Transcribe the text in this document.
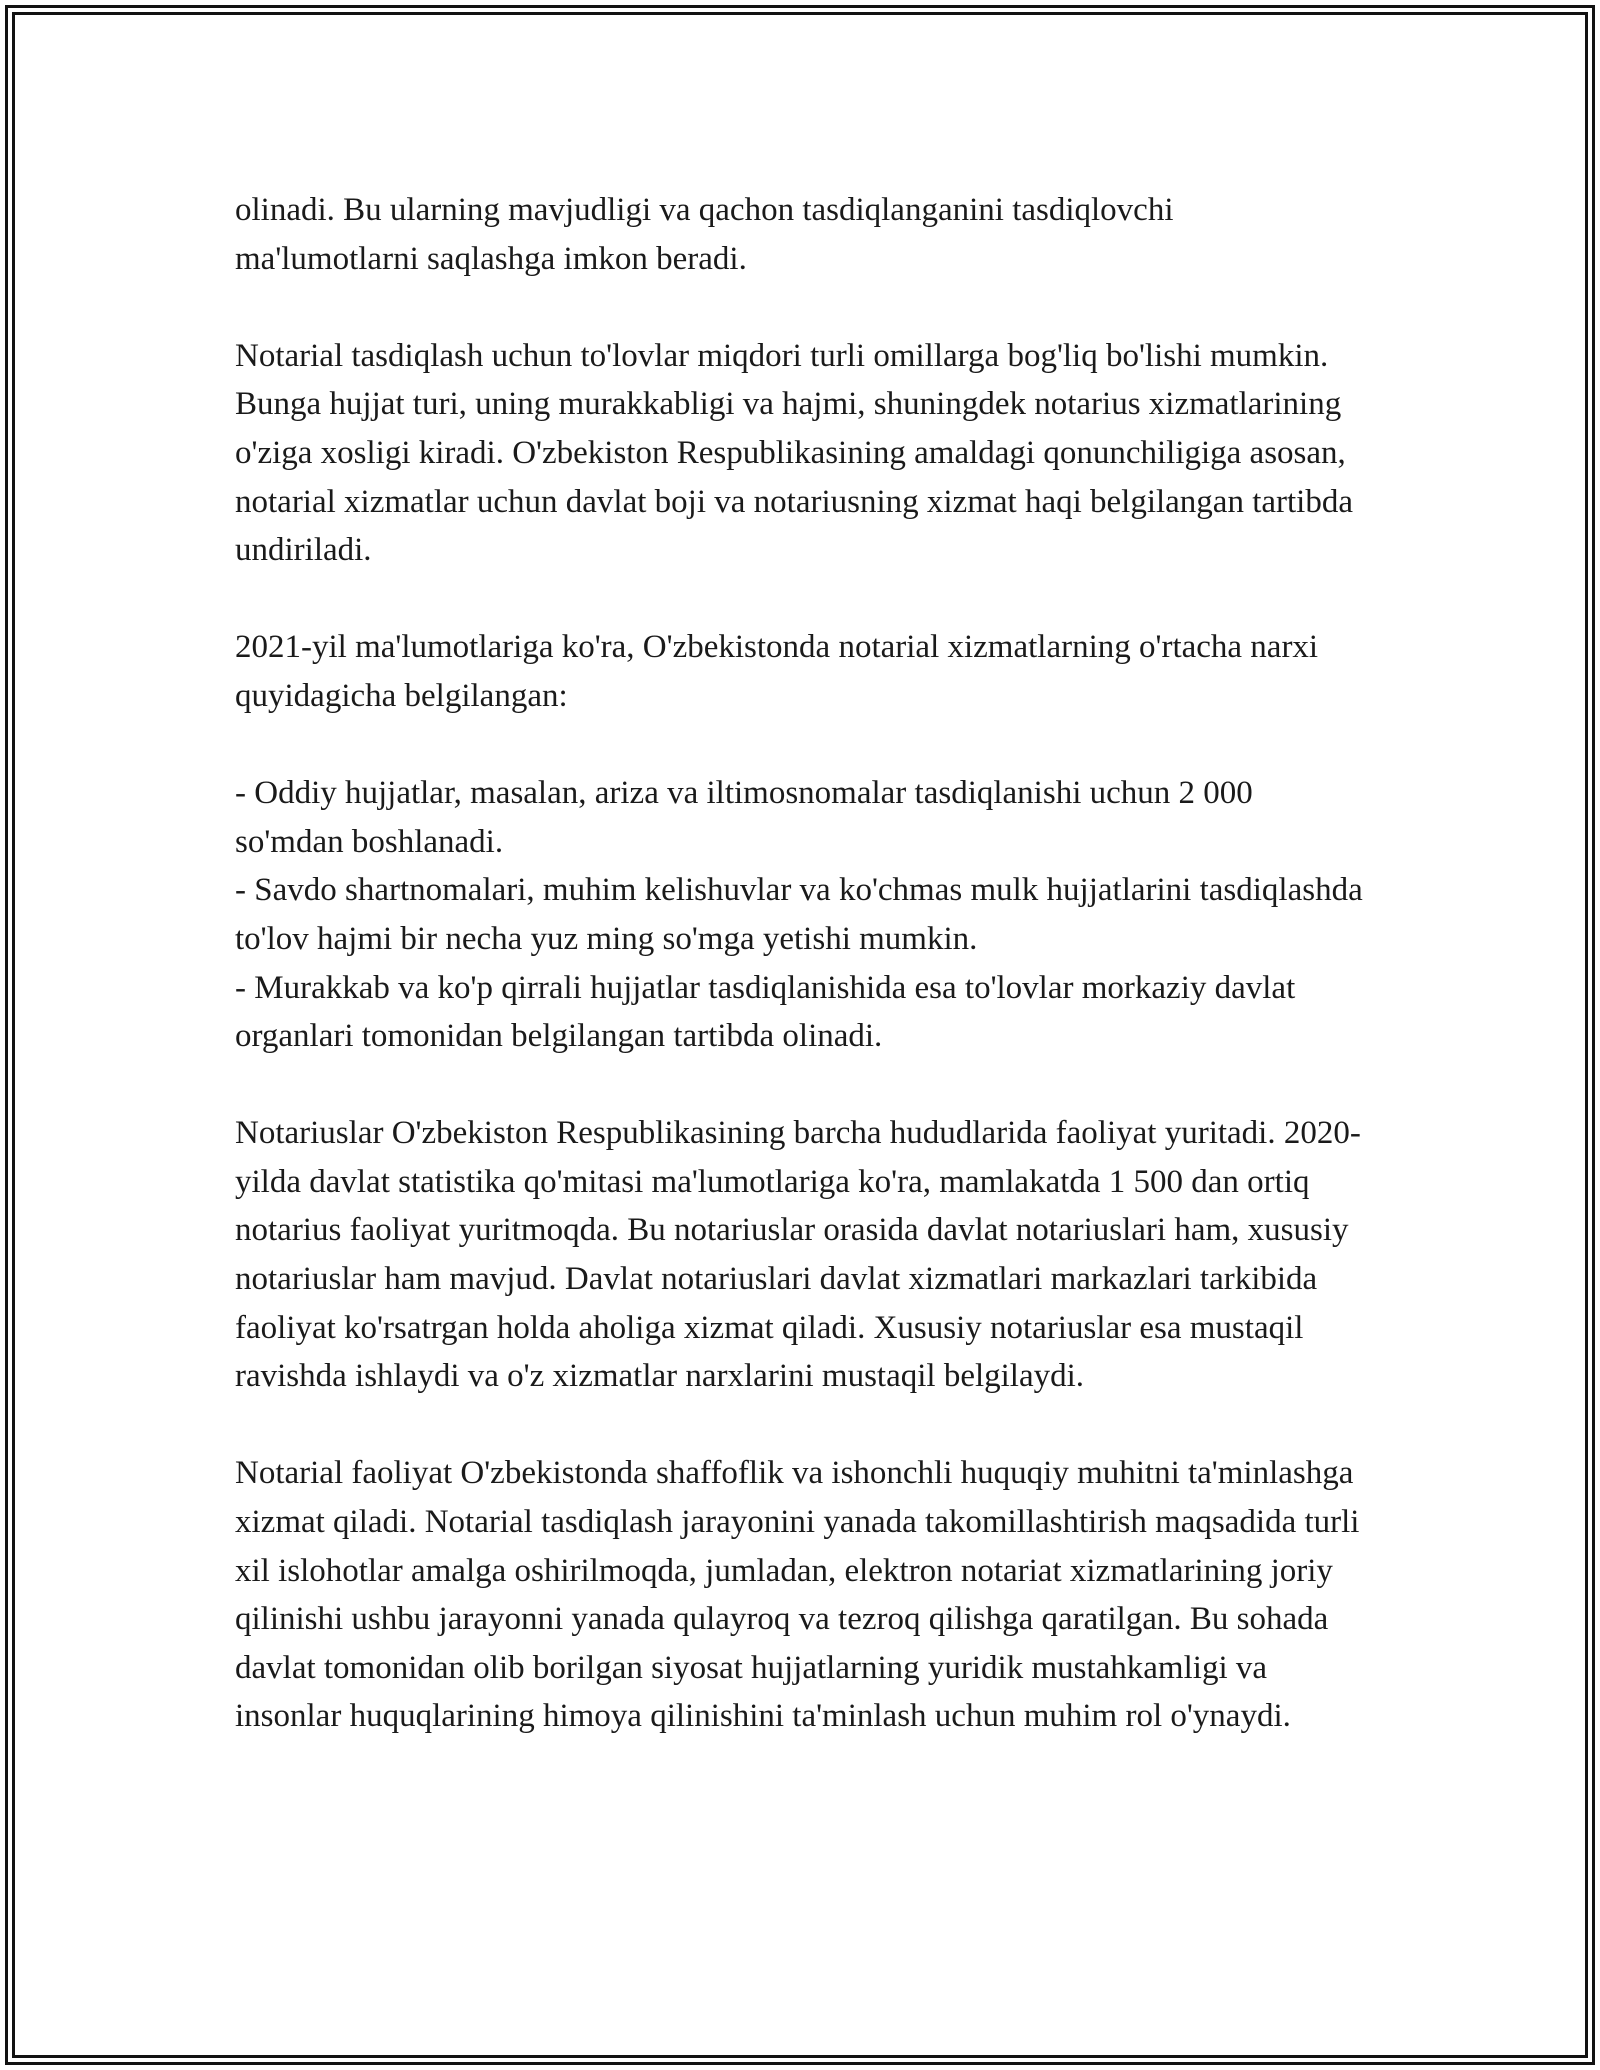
olinadi. Bu ularning mavjudligi va qachon tasdiqlanganini tasdiqlovchi ma'lumotlarni saqlashga imkon beradi.

Notarial tasdiqlash uchun to'lovlar miqdori turli omillarga bog'liq bo'lishi mumkin. Bunga hujjat turi, uning murakkabligi va hajmi, shuningdek notarius xizmatlarining o'ziga xosligi kiradi. O'zbekiston Respublikasining amaldagi qonunchiligiga asosan, notarial xizmatlar uchun davlat boji va notariusning xizmat haqi belgilangan tartibda undiriladi.

2021-yil ma'lumotlariga ko'ra, O'zbekistonda notarial xizmatlarning o'rtacha narxi quyidagicha belgilangan:

- Oddiy hujjatlar, masalan, ariza va iltimosnomalar tasdiqlanishi uchun 2 000 so'mdan boshlanadi.

- Savdo shartnomalari, muhim kelishuvlar va ko'chmas mulk hujjatlarini tasdiqlashda to'lov hajmi bir necha yuz ming so'mga yetishi mumkin.

- Murakkab va ko'p qirrali hujjatlar tasdiqlanishida esa to'lovlar morkaziy davlat organlari tomonidan belgilangan tartibda olinadi.

Notariuslar O'zbekiston Respublikasining barcha hududlarida faoliyat yuritadi. 2020-yilda davlat statistika qo'mitasi ma'lumotlariga ko'ra, mamlakatda 1 500 dan ortiq notarius faoliyat yuritmoqda. Bu notariuslar orasida davlat notariuslari ham, xususiy notariuslar ham mavjud. Davlat notariuslari davlat xizmatlari markazlari tarkibida faoliyat ko'rsatrgan holda aholiga xizmat qiladi. Xususiy notariuslar esa mustaqil ravishda ishlaydi va o'z xizmatlar narxlarini mustaqil belgilaydi.

Notarial faoliyat O'zbekistonda shaffoflik va ishonchli huquqiy muhitni ta'minlashga xizmat qiladi. Notarial tasdiqlash jarayonini yanada takomillashtirish maqsadida turli xil islohotlar amalga oshirilmoqda, jumladan, elektron notariat xizmatlarining joriy qilinishi ushbu jarayonni yanada qulayroq va tezroq qilishga qaratilgan. Bu sohada davlat tomonidan olib borilgan siyosat hujjatlarning yuridik mustahkamligi va insonlar huquqlarining himoya qilinishini ta'minlash uchun muhim rol o'ynaydi.
